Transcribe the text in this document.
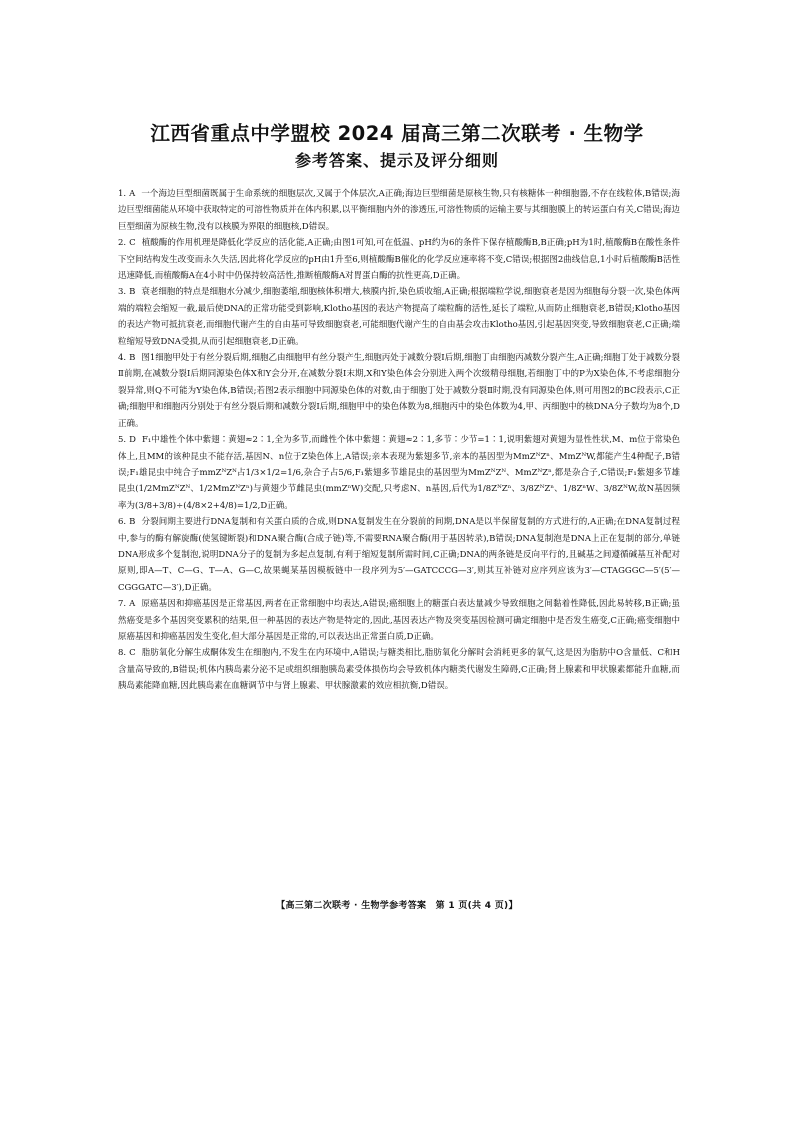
江西省重点中学盟校 2024 届高三第二次联考 · 生物学
参考答案、提示及评分细则

1. A 一个海边巨型细菌既属于生命系统的细胞层次,又属于个体层次,A正确;海边巨型细菌是原核生物,只有核糖体一种细胞器,不存在线粒体,B错误;海边巨型细菌能从环境中获取特定的可溶性物质并在体内积累,以平衡细胞内外的渗透压,可溶性物质的运输主要与其细胞膜上的转运蛋白有关,C错误;海边巨型细菌为原核生物,没有以核膜为界限的细胞核,D错误。

2. C 植酸酶的作用机理是降低化学反应的活化能,A正确;由图1可知,可在低温、pH约为6的条件下保存植酸酶B,B正确;pH为1时,植酸酶B在酸性条件下空间结构发生改变而永久失活,因此将化学反应的pH由1升至6,则植酸酶B催化的化学反应速率将不变,C错误;根据图2曲线信息,1小时后植酸酶B活性迅速降低,而植酸酶A在4小时中仍保持较高活性,推断植酸酶A对胃蛋白酶的抗性更高,D正确。

3. B 衰老细胞的特点是细胞水分减少,细胞萎缩,细胞核体积增大,核膜内折,染色质收缩,A正确;根据端粒学说,细胞衰老是因为细胞每分裂一次,染色体两端的端粒会缩短一截,最后使DNA的正常功能受到影响,Klotho基因的表达产物提高了端粒酶的活性,延长了端粒,从而防止细胞衰老,B错误;Klotho基因的表达产物可抵抗衰老,而细胞代谢产生的自由基可导致细胞衰老,可能细胞代谢产生的自由基会攻击Klotho基因,引起基因突变,导致细胞衰老,C正确;端粒缩短导致DNA受损,从而引起细胞衰老,D正确。

4. B 图1细胞甲处于有丝分裂后期,细胞乙由细胞甲有丝分裂产生,细胞丙处于减数分裂Ⅰ后期,细胞丁由细胞丙减数分裂产生,A正确;细胞丁处于减数分裂Ⅱ前期,在减数分裂Ⅰ后期同源染色体X和Y会分开,在减数分裂Ⅰ末期,X和Y染色体会分别进入两个次级精母细胞,若细胞丁中的P为X染色体,不考虑细胞分裂异常,则Q不可能为Y染色体,B错误;若图2表示细胞中同源染色体的对数,由于细胞丁处于减数分裂Ⅱ时期,没有同源染色体,则可用图2的BC段表示,C正确;细胞甲和细胞丙分别处于有丝分裂后期和减数分裂Ⅰ后期,细胞甲中的染色体数为8,细胞丙中的染色体数为4,甲、丙细胞中的核DNA分子数均为8个,D正确。

5. D F₁中雄性个体中紫翅∶黄翅≈2∶1,全为多节,而雌性个体中紫翅∶黄翅≈2∶1,多节∶少节=1∶1,说明紫翅对黄翅为显性性状,M、m位于常染色体上,且MM的该种昆虫不能存活,基因N、n位于Z染色体上,A错误;亲本表现为紫翅多节,亲本的基因型为MmZᴺZⁿ、MmZᴺW,都能产生4种配子,B错误;F₁雄昆虫中纯合子mmZᴺZᴺ占1/3×1/2=1/6,杂合子占5/6,F₁紫翅多节雄昆虫的基因型为MmZᴺZᴺ、MmZᴺZⁿ,都是杂合子,C错误;F₁紫翅多节雄昆虫(1/2MmZᴺZᴺ、1/2MmZᴺZⁿ)与黄翅少节雌昆虫(mmZⁿW)交配,只考虑N、n基因,后代为1/8ZᴺZⁿ、3/8ZᴺZⁿ、1/8ZⁿW、3/8ZᴺW,故N基因频率为(3/8+3/8)÷(4/8×2+4/8)=1/2,D正确。

6. B 分裂间期主要进行DNA复制和有关蛋白质的合成,则DNA复制发生在分裂前的间期,DNA是以半保留复制的方式进行的,A正确;在DNA复制过程中,参与的酶有解旋酶(使氢键断裂)和DNA聚合酶(合成子链)等,不需要RNA聚合酶(用于基因转录),B错误;DNA复制泡是DNA上正在复制的部分,单链DNA形成多个复制泡,说明DNA分子的复制为多起点复制,有利于缩短复制所需时间,C正确;DNA的两条链是反向平行的,且碱基之间遵循碱基互补配对原则,即A—T、C—G、T—A、G—C,故果蝇某基因模板链中一段序列为5′—GATCCCG—3′,则其互补链对应序列应该为3′—CTAGGGC—5′(5′—CGGGATC—3′),D正确。

7. A 原癌基因和抑癌基因是正常基因,两者在正常细胞中均表达,A错误;癌细胞上的糖蛋白表达量减少导致细胞之间黏着性降低,因此易转移,B正确;虽然癌变是多个基因突变累积的结果,但一种基因的表达产物是特定的,因此,基因表达产物及突变基因检测可确定细胞中是否发生癌变,C正确;癌变细胞中原癌基因和抑癌基因发生变化,但大部分基因是正常的,可以表达出正常蛋白质,D正确。

8. C 脂肪氧化分解生成酮体发生在细胞内,不发生在内环境中,A错误;与糖类相比,脂肪氧化分解时会消耗更多的氧气,这是因为脂肪中O含量低、C和H含量高导致的,B错误;机体内胰岛素分泌不足或组织细胞胰岛素受体损伤均会导致机体内糖类代谢发生障碍,C正确;肾上腺素和甲状腺素都能升血糖,而胰岛素能降血糖,因此胰岛素在血糖调节中与肾上腺素、甲状腺激素的效应相抗衡,D错误。

【高三第二次联考 · 生物学参考答案　第 1 页(共 4 页)】
